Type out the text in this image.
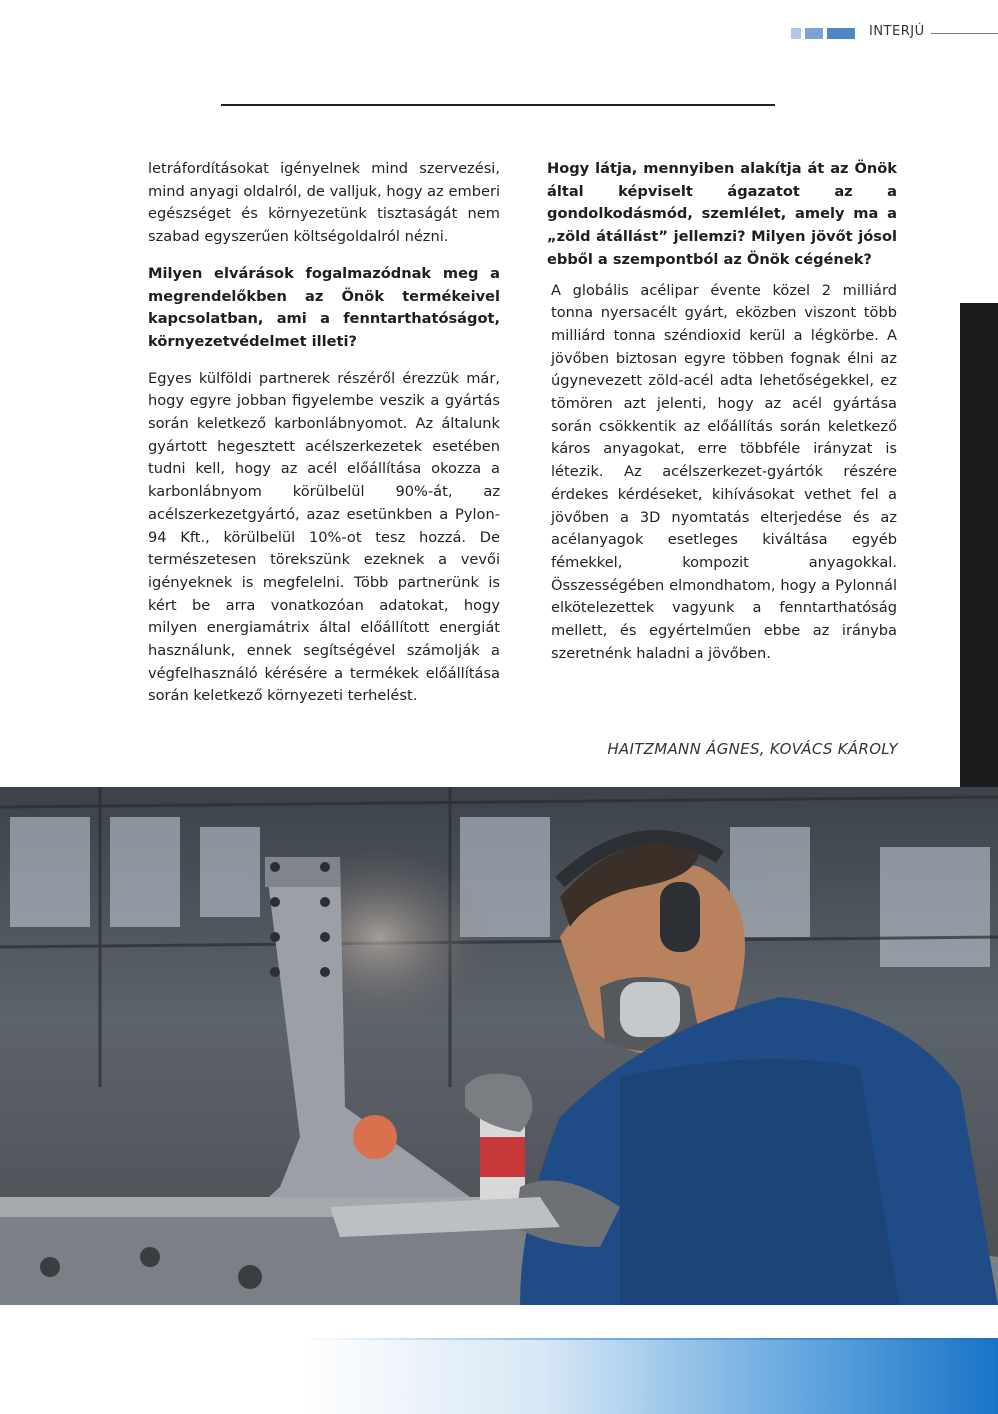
INTERJÚ

letráfordításokat igényelnek mind szervezési, mind anyagi oldalról, de valljuk, hogy az emberi egészséget és környezetünk tisztaságát nem szabad egyszerűen költségoldalról nézni.

Milyen elvárások fogalmazódnak meg a megrendelőkben az Önök termékeivel kapcsolatban, ami a fenntarthatóságot, környezetvédelmet illeti?

Egyes külföldi partnerek részéről érezzük már, hogy egyre jobban figyelembe veszik a gyártás során keletkező karbonlábnyomot. Az általunk gyártott hegesztett acélszerkezetek esetében tudni kell, hogy az acél előállítása okozza a karbonlábnyom körülbelül 90%-át, az acélszerkezetgyártó, azaz esetünkben a Pylon-94 Kft., körülbelül 10%-ot tesz hozzá. De természetesen törekszünk ezeknek a vevői igényeknek is megfelelni. Több partnerünk is kért be arra vonatkozóan adatokat, hogy milyen energiamátrix által előállított energiát használunk, ennek segítségével számolják a végfelhasználó kérésére a termékek előállítása során keletkező környezeti terhelést.

Hogy látja, mennyiben alakítja át az Önök által képviselt ágazatot az a gondolkodásmód, szemlélet, amely ma a „zöld átállást” jellemzi? Milyen jövőt jósol ebből a szempontból az Önök cégének?

A globális acélipar évente közel 2 milliárd tonna nyersacélt gyárt, eközben viszont több milliárd tonna széndioxid kerül a légkörbe. A jövőben biztosan egyre többen fognak élni az úgynevezett zöld-acél adta lehetőségekkel, ez tömören azt jelenti, hogy az acél gyártása során csökkentik az előállítás során keletkező káros anyagokat, erre többféle irányzat is létezik. Az acélszerkezet-gyártók részére érdekes kérdéseket, kihívásokat vethet fel a jövőben a 3D nyomtatás elterjedése és az acélanyagok esetleges kiváltása egyéb fémekkel, kompozit anyagokkal. Összességében elmondhatom, hogy a Pylonnál elkötelezettek vagyunk a fenntarthatóság mellett, és egyértelműen ebbe az irányba szeretnénk haladni a jövőben.

HAITZMANN ÁGNES, KOVÁCS KÁROLY
